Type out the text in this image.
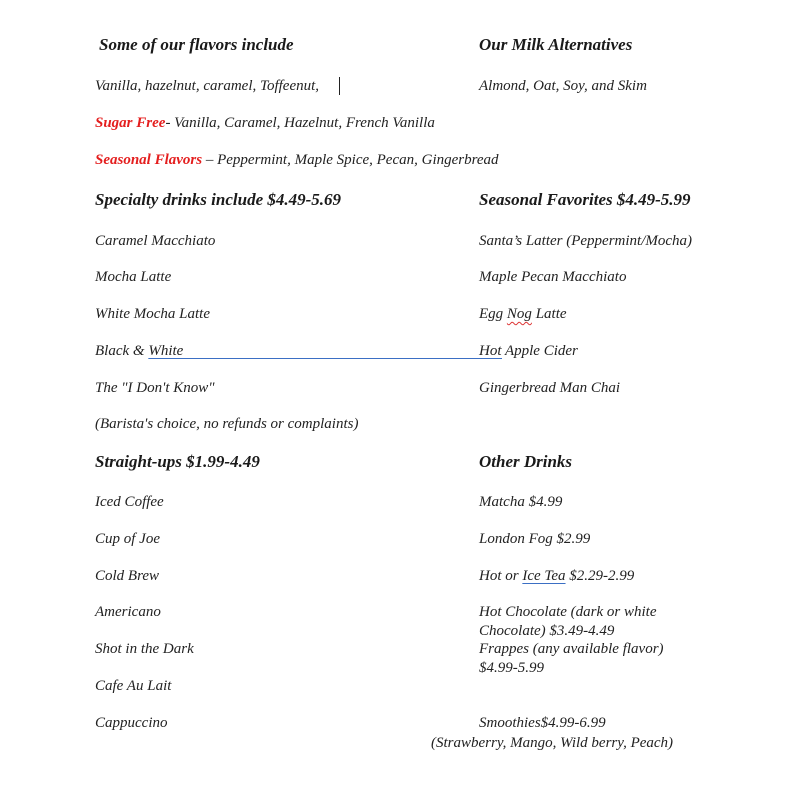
Some of our flavors include
Vanilla, hazelnut, caramel, Toffeenut,
Sugar Free- Vanilla, Caramel, Hazelnut, French Vanilla
Seasonal Flavors – Peppermint, Maple Spice, Pecan, Gingerbread
Specialty drinks include $4.49-5.69
Caramel Macchiato
Mocha Latte
White Mocha Latte
Black & White
The "I Don't Know"
(Barista's choice, no refunds or complaints)
Straight-ups $1.99-4.49
Iced Coffee
Cup of Joe
Cold Brew
Americano
Shot in the Dark
Cafe Au Lait
Cappuccino
Our Milk Alternatives
Almond, Oat, Soy, and Skim
Seasonal Favorites $4.49-5.99
Santa’s Latter (Peppermint/Mocha)
Maple Pecan Macchiato
Egg Nog Latte
Hot Apple Cider
Gingerbread Man Chai
Other Drinks
Matcha $4.99
London Fog $2.99
Hot or Ice Tea $2.29-2.99
Hot Chocolate (dark or white
Chocolate) $3.49-4.49
Frappes (any available flavor)
$4.99-5.99
Smoothies$4.99-6.99
(Strawberry, Mango, Wild berry, Peach)
